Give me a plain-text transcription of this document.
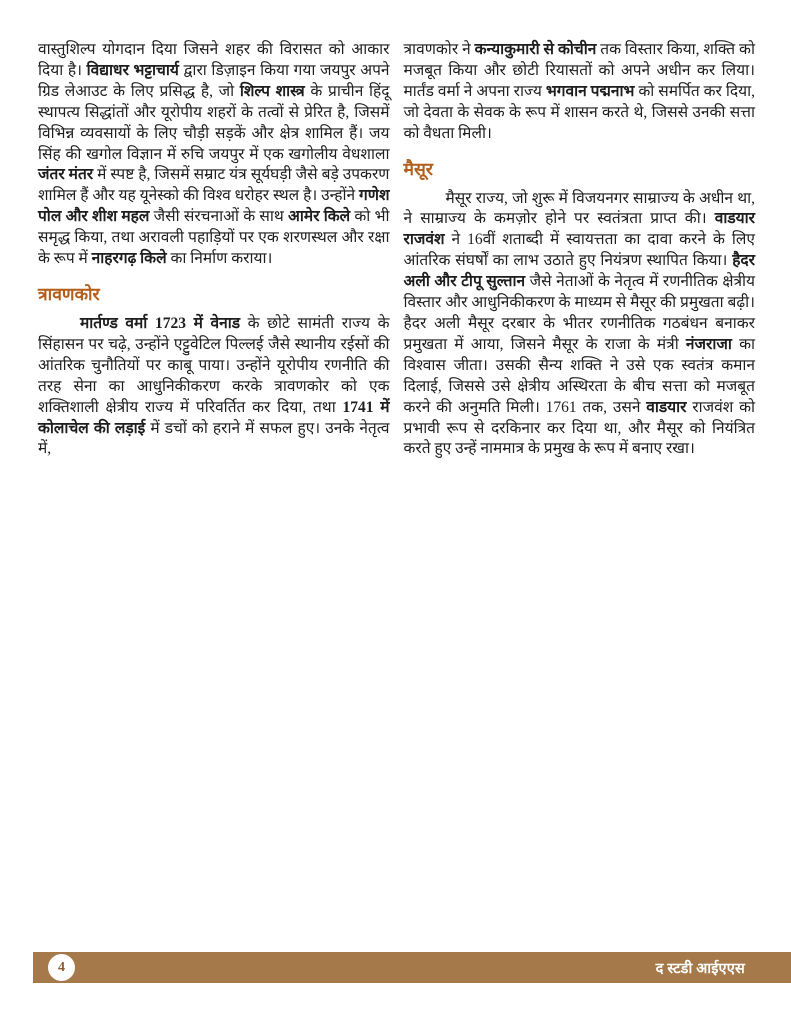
वास्तुशिल्प योगदान दिया जिसने शहर की विरासत को आकार दिया है। विद्याधर भट्टाचार्य द्वारा डिज़ाइन किया गया जयपुर अपने ग्रिड लेआउट के लिए प्रसिद्ध है, जो शिल्प शास्त्र के प्राचीन हिंदू स्थापत्य सिद्धांतों और यूरोपीय शहरों के तत्वों से प्रेरित है, जिसमें विभिन्न व्यवसायों के लिए चौड़ी सड़कें और क्षेत्र शामिल हैं। जय सिंह की खगोल विज्ञान में रुचि जयपुर में एक खगोलीय वेधशाला जंतर मंतर में स्पष्ट है, जिसमें सम्राट यंत्र सूर्यघड़ी जैसे बड़े उपकरण शामिल हैं और यह यूनेस्को की विश्व धरोहर स्थल है। उन्होंने गणेश पोल और शीश महल जैसी संरचनाओं के साथ आमेर किले को भी समृद्ध किया, तथा अरावली पहाड़ियों पर एक शरणस्थल और रक्षा के रूप में नाहरगढ़ किले का निर्माण कराया।

त्रावणकोर

मार्तण्ड वर्मा 1723 में वेनाड के छोटे सामंती राज्य के सिंहासन पर चढ़े, उन्होंने एट्टुवेटिल पिल्लई जैसे स्थानीय रईसों की आंतरिक चुनौतियों पर काबू पाया। उन्होंने यूरोपीय रणनीति की तरह सेना का आधुनिकीकरण करके त्रावणकोर को एक शक्तिशाली क्षेत्रीय राज्य में परिवर्तित कर दिया, तथा 1741 में कोलाचेल की लड़ाई में डचों को हराने में सफल हुए। उनके नेतृत्व में,

त्रावणकोर ने कन्याकुमारी से कोचीन तक विस्तार किया, शक्ति को मजबूत किया और छोटी रियासतों को अपने अधीन कर लिया। मार्तंड वर्मा ने अपना राज्य भगवान पद्मनाभ को समर्पित कर दिया, जो देवता के सेवक के रूप में शासन करते थे, जिससे उनकी सत्ता को वैधता मिली।

मैसूर

मैसूर राज्य, जो शुरू में विजयनगर साम्राज्य के अधीन था, ने साम्राज्य के कमज़ोर होने पर स्वतंत्रता प्राप्त की। वाडयार राजवंश ने 16वीं शताब्दी में स्वायत्तता का दावा करने के लिए आंतरिक संघर्षों का लाभ उठाते हुए नियंत्रण स्थापित किया। हैदर अली और टीपू सुल्तान जैसे नेताओं के नेतृत्व में रणनीतिक क्षेत्रीय विस्तार और आधुनिकीकरण के माध्यम से मैसूर की प्रमुखता बढ़ी। हैदर अली मैसूर दरबार के भीतर रणनीतिक गठबंधन बनाकर प्रमुखता में आया, जिसने मैसूर के राजा के मंत्री नंजराजा का विश्वास जीता। उसकी सैन्य शक्ति ने उसे एक स्वतंत्र कमान दिलाई, जिससे उसे क्षेत्रीय अस्थिरता के बीच सत्ता को मजबूत करने की अनुमति मिली। 1761 तक, उसने वाडयार राजवंश को प्रभावी रूप से दरकिनार कर दिया था, और मैसूर को नियंत्रित करते हुए उन्हें नाममात्र के प्रमुख के रूप में बनाए रखा।

4	द स्टडी आईएएस
